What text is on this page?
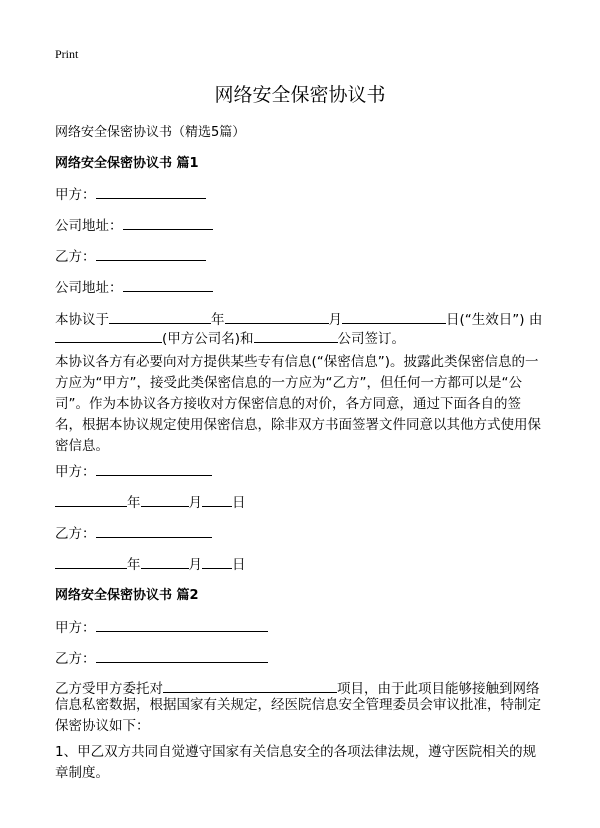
Print
网络安全保密协议书
网络安全保密协议书（精选5篇）
网络安全保密协议书 篇1
甲方：
公司地址：
乙方：
公司地址：
本协议于	年	月	日(“生效日”) 由
(甲方公司名)和	公司签订。
本协议各方有必要向对方提供某些专有信息(“保密信息”)。披露此类保密信息的一方应为“甲方”，接受此类保密信息的一方应为“乙方”，但任何一方都可以是“公司”。作为本协议各方接收对方保密信息的对价，各方同意，通过下面各自的签名，根据本协议规定使用保密信息，除非双方书面签署文件同意以其他方式使用保密信息。
甲方：
年	月 日
乙方：
年	月 日
网络安全保密协议书 篇2
甲方：
乙方：
乙方受甲方委托对	项目，由于此项目能够接触到网络
信息私密数据，根据国家有关规定，经医院信息安全管理委员会审议批准，特制定保密协议如下：
1、甲乙双方共同自觉遵守国家有关信息安全的各项法律法规，遵守医院相关的规章制度。
